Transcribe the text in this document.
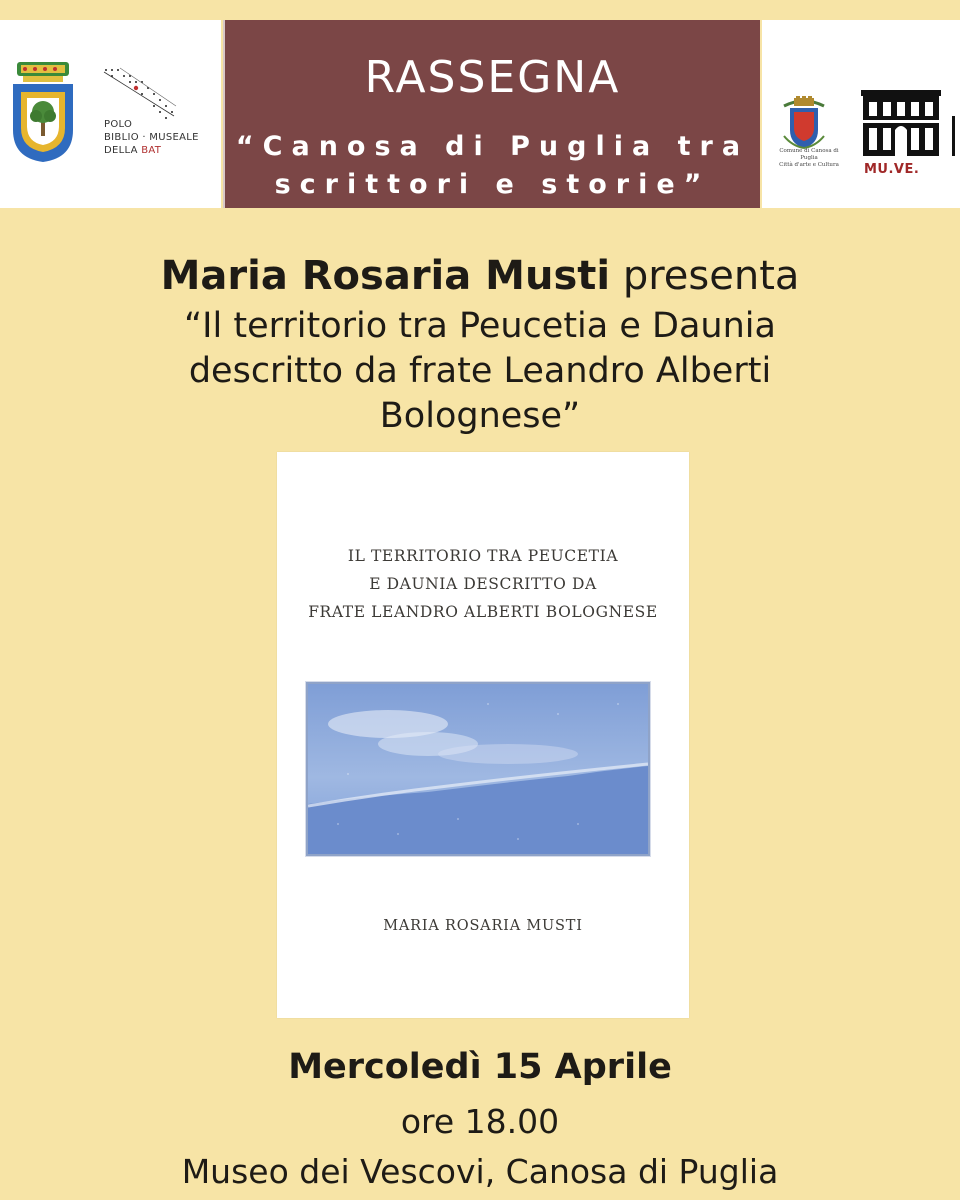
POLO
BIBLIO · MUSEALE
DELLA BAT
RASSEGNA
“Canosa di Puglia tra
scrittori e storie”
Comune di Canosa di Puglia
Città d'arte e Cultura	MU.VE.
Maria Rosaria Musti presenta
“Il territorio tra Peucetia e Daunia
descritto da frate Leandro Alberti
Bolognese”
IL TERRITORIO TRA PEUCETIA
E DAUNIA DESCRITTO DA
FRATE LEANDRO ALBERTI BOLOGNESE
MARIA ROSARIA MUSTI
Mercoledì 15 Aprile
ore 18.00
Museo dei Vescovi, Canosa di Puglia
